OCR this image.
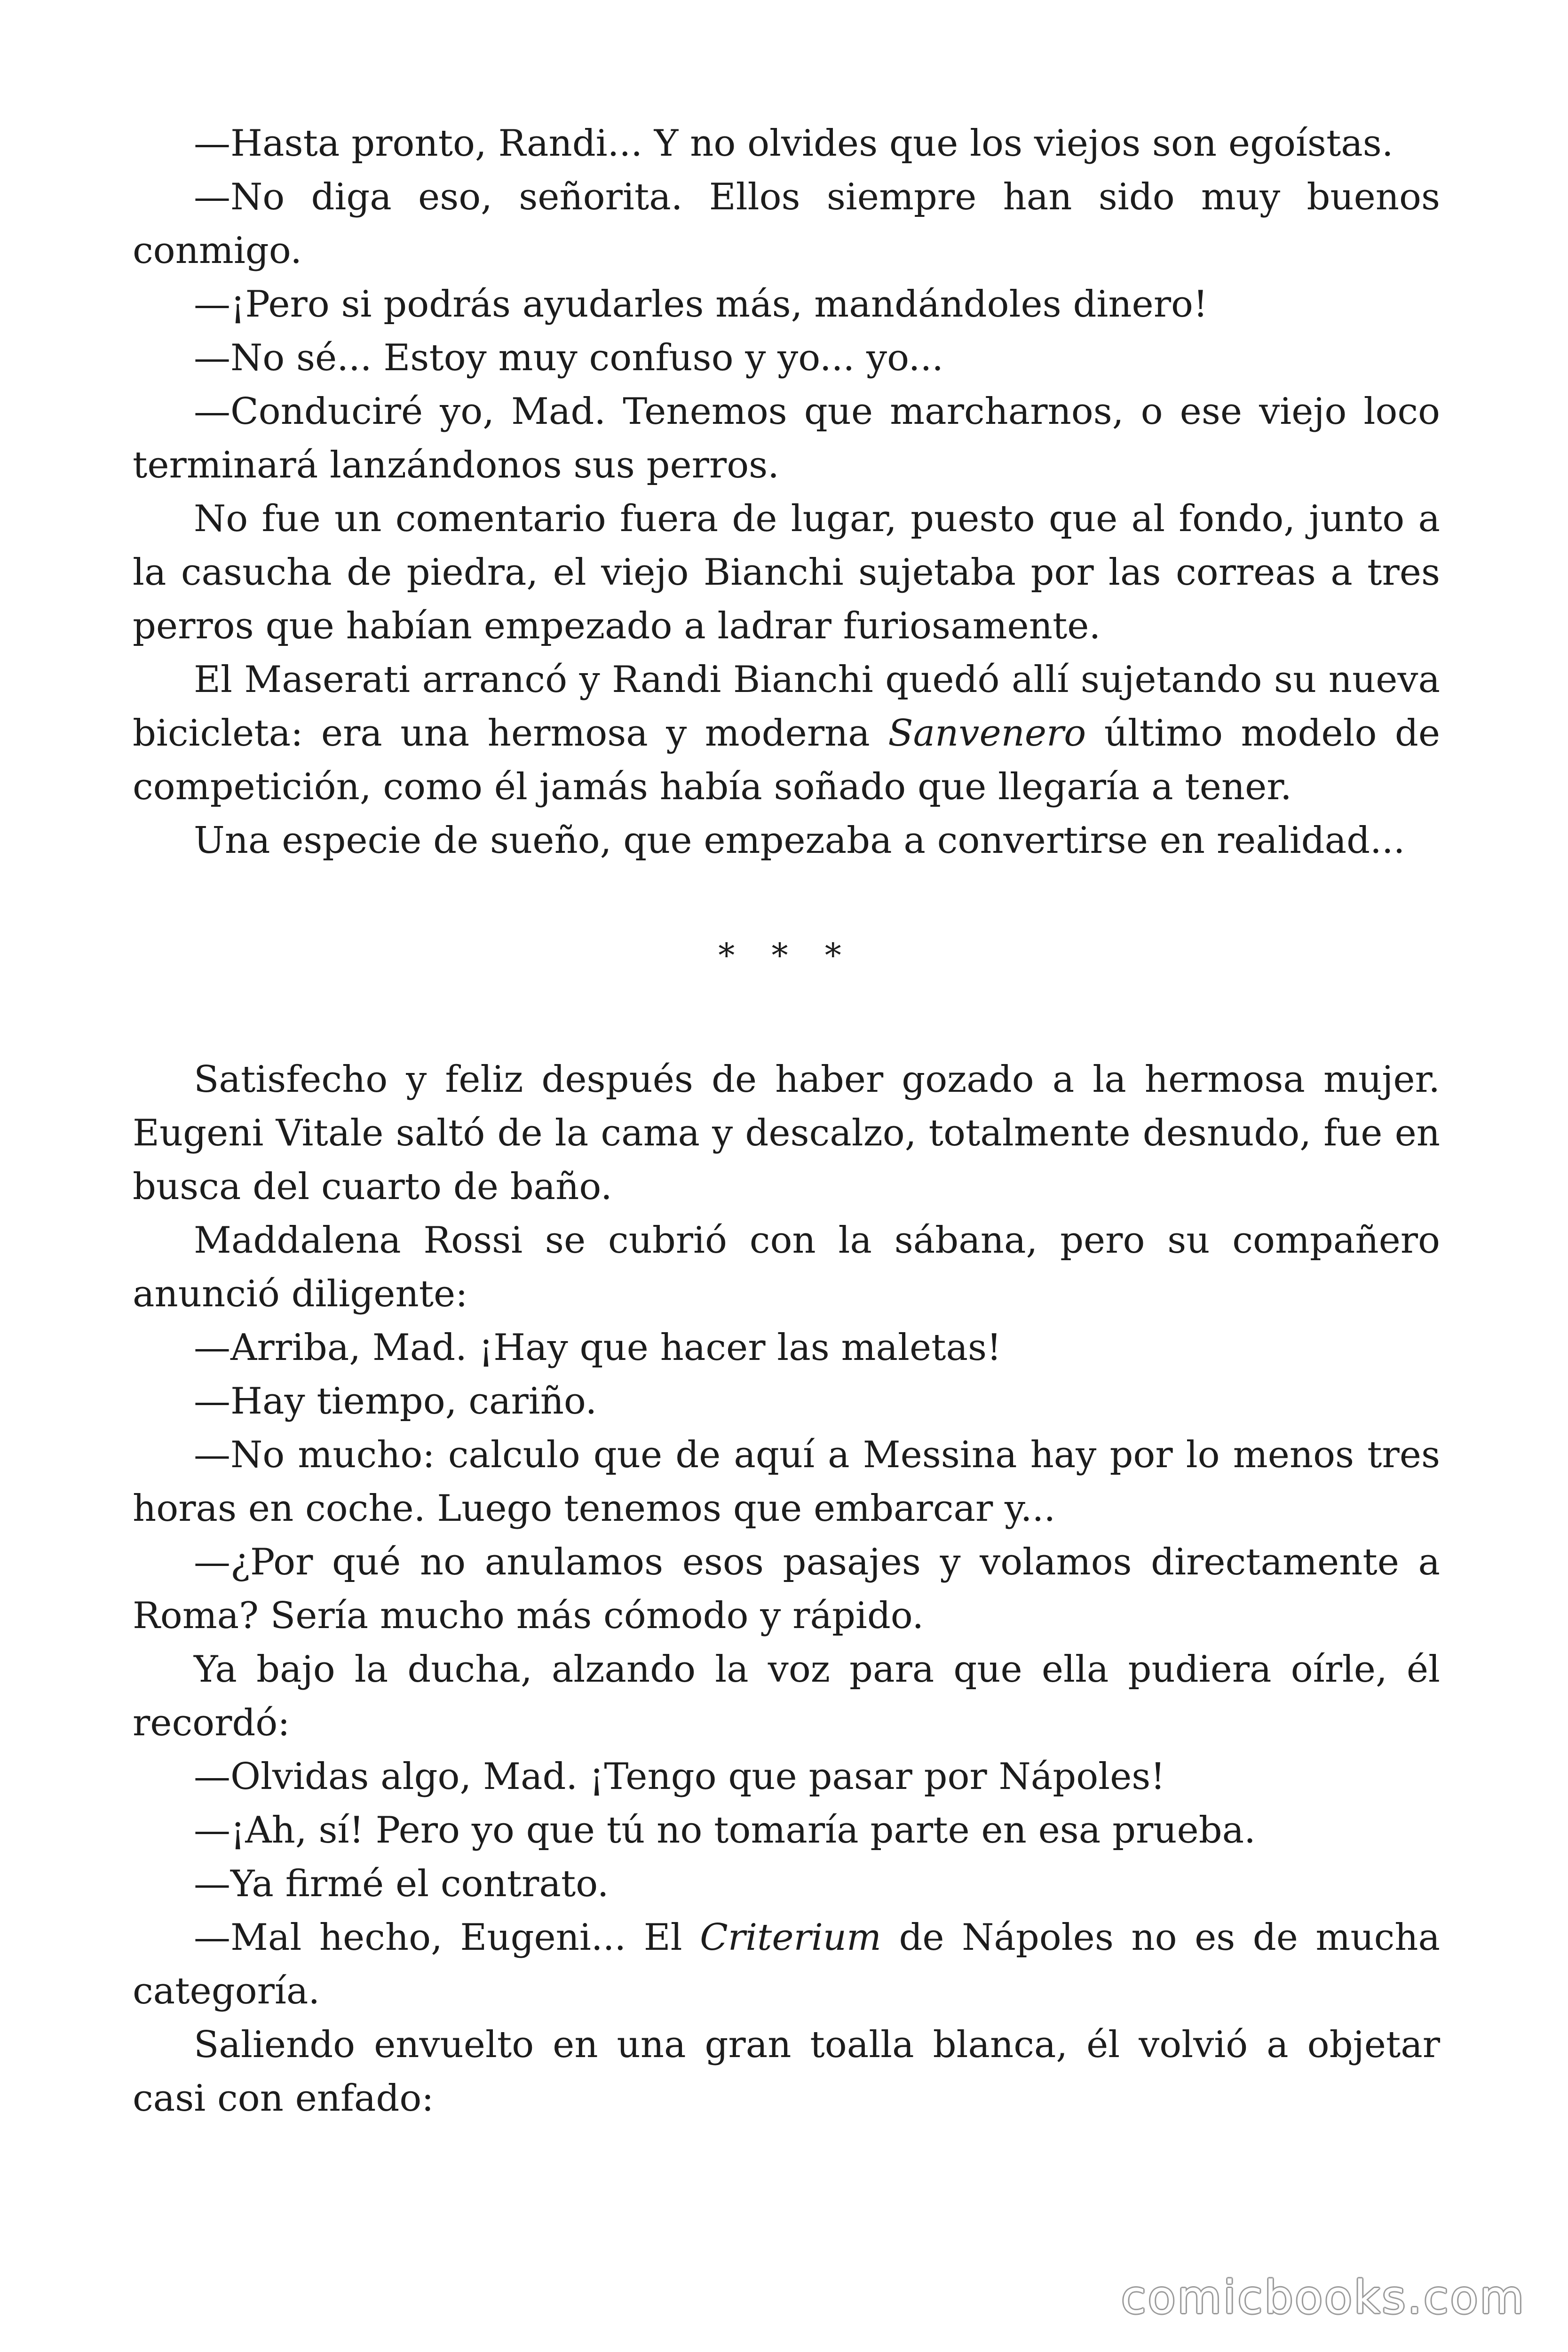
—Hasta pronto, Randi... Y no olvides que los viejos son egoístas.

—No diga eso, señorita. Ellos siempre han sido muy buenos conmigo.

—¡Pero si podrás ayudarles más, mandándoles dinero!

—No sé... Estoy muy confuso y yo... yo...

—Conduciré yo, Mad. Tenemos que marcharnos, o ese viejo loco terminará lanzándonos sus perros.

No fue un comentario fuera de lugar, puesto que al fondo, junto a la casucha de piedra, el viejo Bianchi sujetaba por las correas a tres perros que habían empezado a ladrar furiosamente.

El Maserati arrancó y Randi Bianchi quedó allí sujetando su nueva bicicleta: era una hermosa y moderna Sanvenero último modelo de competición, como él jamás había soñado que llegaría a tener.

Una especie de sueño, que empezaba a convertirse en realidad...

* * *

Satisfecho y feliz después de haber gozado a la hermosa mujer. Eugeni Vitale saltó de la cama y descalzo, totalmente desnudo, fue en busca del cuarto de baño.

Maddalena Rossi se cubrió con la sábana, pero su compañero anunció diligente:

—Arriba, Mad. ¡Hay que hacer las maletas!

—Hay tiempo, cariño.

—No mucho: calculo que de aquí a Messina hay por lo menos tres horas en coche. Luego tenemos que embarcar y...

—¿Por qué no anulamos esos pasajes y volamos directamente a Roma? Sería mucho más cómodo y rápido.

Ya bajo la ducha, alzando la voz para que ella pudiera oírle, él recordó:

—Olvidas algo, Mad. ¡Tengo que pasar por Nápoles!

—¡Ah, sí! Pero yo que tú no tomaría parte en esa prueba.

—Ya firmé el contrato.

—Mal hecho, Eugeni... El Criterium de Nápoles no es de mucha categoría.

Saliendo envuelto en una gran toalla blanca, él volvió a objetar casi con enfado:

comicbooks.com
